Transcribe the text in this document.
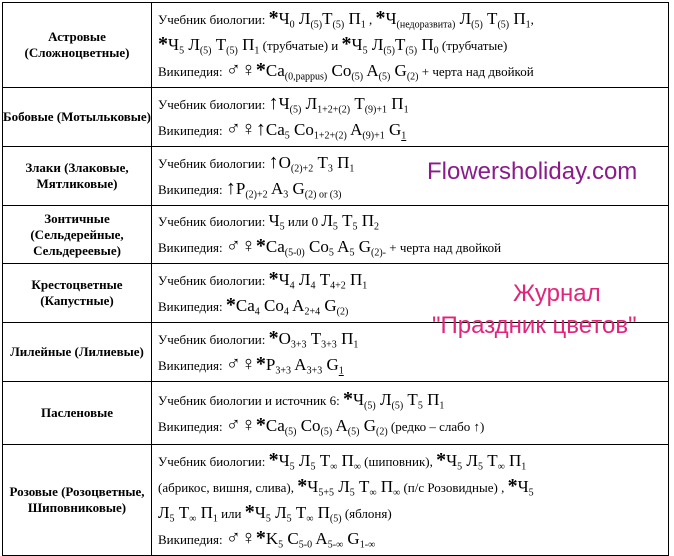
Астровые (Сложноцветные)	Учебник биологии: $*Ч_0$ $Л_{(5)}Т_{(5)}$ $П_1$ , $*Ч_{(недоразвита)}$ $Л_{(5)}$ $Т_{(5)}$ $П_1$,
$*Ч_5$ $Л_{(5)}$ $Т_{(5)}$ $П_1$ (трубчатые) и $*Ч_5$ $Л_{(5)}Т_{(5)}$ $П_0$ (трубчатые)
Википедия: $♂♀*Ca_{(0,pappus)}$ $Co_{(5)}$ $A_{(5)}$ $G_{(2)}$ + черта над двойкой

Бобовые (Мотыльковые)	Учебник биологии: $↑Ч_{(5)}$ $Л_{1+2+(2)}$ $Т_{(9)+1}$ $П_1$
Википедия: $♂♀↑Ca_5$ $Co_{1+2+(2)}$ $A_{(9)+1}$ $G_1$

Злаки (Злаковые, Мятликовые)	Учебник биологии: $↑О_{(2)+2}$ $Т_3$ $П_1$
Википедия: $↑P_{(2)+2}$ $A_3$ $G_{(2) or (3)}$

Зонтичные (Сельдерейные, Сельдереевые)	Учебник биологии: $Ч_5$ или 0 $Л_5$ $Т_5$ $П_2$
Википедия: $♂♀*Ca_{(5-0)}$ $Co_5$ $A_5$ $G_{(2)-}$ + черта над двойкой

Крестоцветные (Капустные)	Учебник биологии: $*Ч_4$ $Л_4$ $Т_{4+2}$ $П_1$
Википедия: $*Ca_4$ $Co_4$ $A_{2+4}$ $G_{(2)}$

Лилейные (Лилиевые)	Учебник биологии: $*О_{3+3}$ $Т_{3+3}$ $П_1$
Википедия: $♂♀*P_{3+3}$ $A_{3+3}$ $G_1$

Пасленовые	Учебник биологии и источник 6: $*Ч_{(5)}$ $Л_{(5)}$ $Т_5$ $П_1$
Википедия: $♂♀*Ca_{(5)}$ $Co_{(5)}$ $A_{(5)}$ $G_{(2)}$ (редко – слабо ↑)

Розовые (Розоцветные, Шиповниковые)	Учебник биологии: $*Ч_5$ $Л_5$ $Т_\infty$ $П_\infty$ (шиповник), $*Ч_5$ $Л_5$ $Т_\infty$ $П_1$
(абрикос, вишня, слива), $*Ч_{5+5}$ $Л_5$ $Т_\infty$ $П_\infty$ (п/с Розовидные) , $*Ч_5$
$Л_5$ $Т_\infty$ $П_1$ или $*Ч_5$ $Л_5$ $Т_\infty$ $П_{(5)}$ (яблоня)
Википедия: $♂♀*K_5$ $C_{5-0}$ $A_{5-\infty}$ $G_{1-\infty}$
Flowersholiday.com
Журнал
"Праздник цветов"
